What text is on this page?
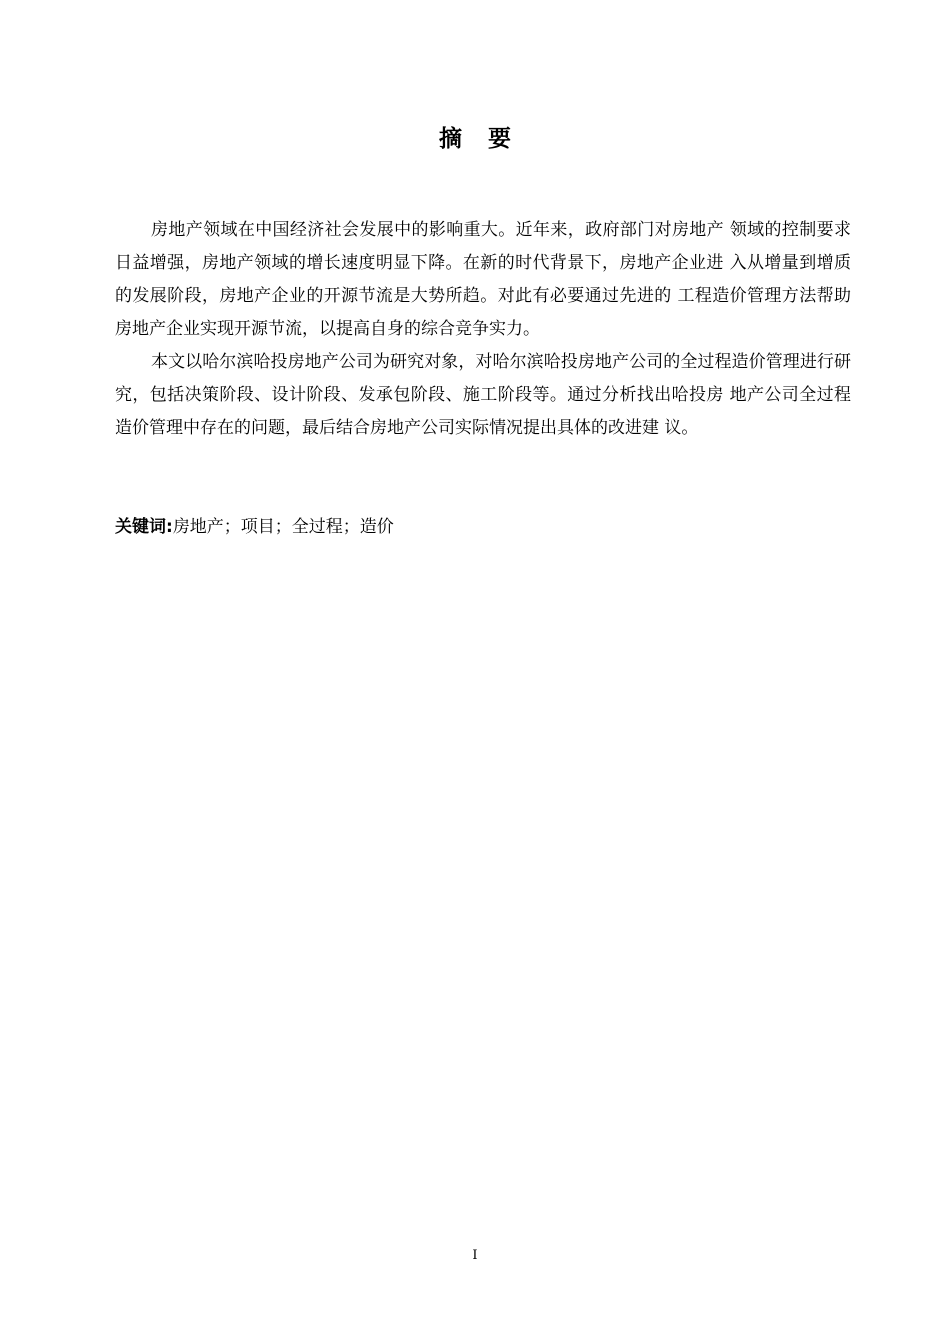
摘要

房地产领域在中国经济社会发展中的影响重大。近年来，政府部门对房地产 领域的控制要求日益增强，房地产领域的增长速度明显下降。在新的时代背景下，房地产企业进 入从增量到增质的发展阶段，房地产企业的开源节流是大势所趋。对此有必要通过先进的 工程造价管理方法帮助房地产企业实现开源节流，以提高自身的综合竞争实力。

本文以哈尔滨哈投房地产公司为研究对象，对哈尔滨哈投房地产公司的全过程造价管理进行研究，包括决策阶段、设计阶段、发承包阶段、施工阶段等。通过分析找出哈投房 地产公司全过程造价管理中存在的问题，最后结合房地产公司实际情况提出具体的改进建 议。

关键词:房地产；项目；全过程；造价
I
